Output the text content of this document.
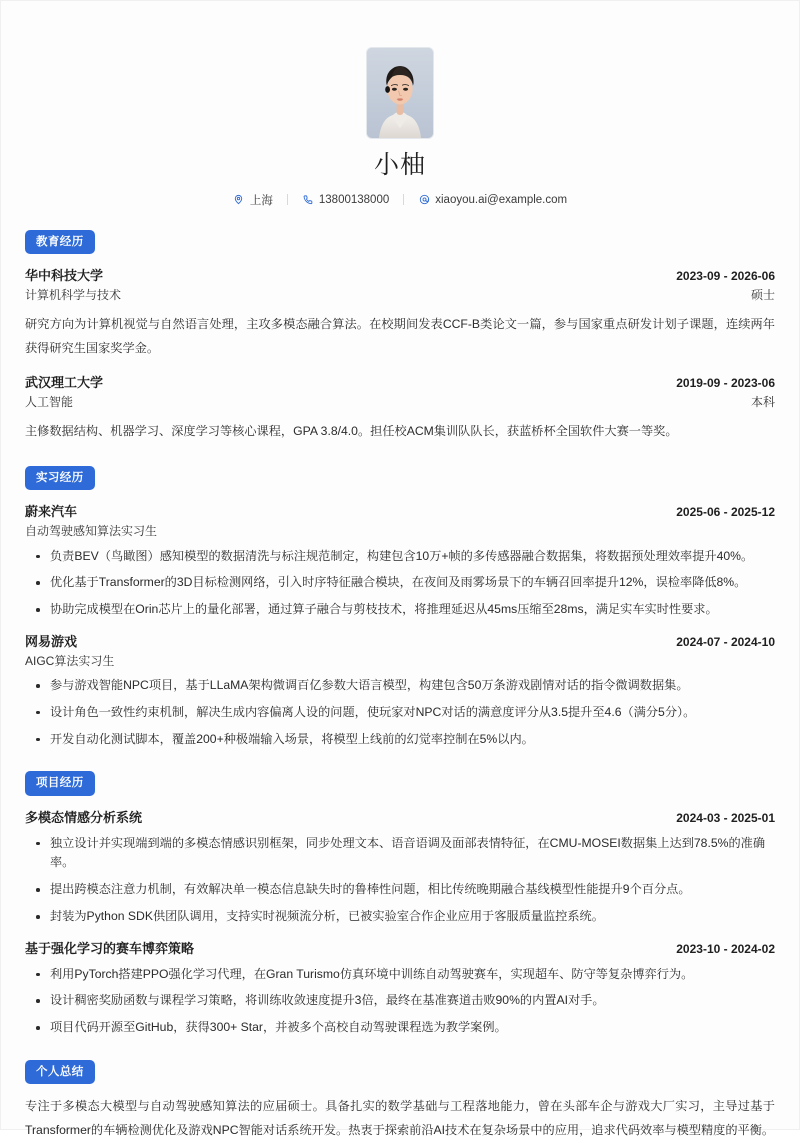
小柚
上海	13800138000	xiaoyou.ai@example.com
教育经历
华中科技大学	2023-09 - 2026-06
计算机科学与技术	硕士
研究方向为计算机视觉与自然语言处理，主攻多模态融合算法。在校期间发表CCF-B类论文一篇，参与国家重点研发计划子课题，连续两年获得研究生国家奖学金。
武汉理工大学	2019-09 - 2023-06
人工智能	本科
主修数据结构、机器学习、深度学习等核心课程，GPA 3.8/4.0。担任校ACM集训队队长，获蓝桥杯全国软件大赛一等奖。
实习经历
蔚来汽车	2025-06 - 2025-12
自动驾驶感知算法实习生
负责BEV（鸟瞰图）感知模型的数据清洗与标注规范制定，构建包含10万+帧的多传感器融合数据集，将数据预处理效率提升40%。
优化基于Transformer的3D目标检测网络，引入时序特征融合模块，在夜间及雨雾场景下的车辆召回率提升12%，误检率降低8%。
协助完成模型在Orin芯片上的量化部署，通过算子融合与剪枝技术，将推理延迟从45ms压缩至28ms，满足实车实时性要求。
网易游戏	2024-07 - 2024-10
AIGC算法实习生
参与游戏智能NPC项目，基于LLaMA架构微调百亿参数大语言模型，构建包含50万条游戏剧情对话的指令微调数据集。
设计角色一致性约束机制，解决生成内容偏离人设的问题，使玩家对NPC对话的满意度评分从3.5提升至4.6（满分5分）。
开发自动化测试脚本，覆盖200+种极端输入场景，将模型上线前的幻觉率控制在5%以内。
项目经历
多模态情感分析系统	2024-03 - 2025-01
独立设计并实现端到端的多模态情感识别框架，同步处理文本、语音语调及面部表情特征，在CMU-MOSEI数据集上达到78.5%的准确率。
提出跨模态注意力机制，有效解决单一模态信息缺失时的鲁棒性问题，相比传统晚期融合基线模型性能提升9个百分点。
封装为Python SDK供团队调用，支持实时视频流分析，已被实验室合作企业应用于客服质量监控系统。
基于强化学习的赛车博弈策略	2023-10 - 2024-02
利用PyTorch搭建PPO强化学习代理，在Gran Turismo仿真环境中训练自动驾驶赛车，实现超车、防守等复杂博弈行为。
设计稠密奖励函数与课程学习策略，将训练收敛速度提升3倍，最终在基准赛道击败90%的内置AI对手。
项目代码开源至GitHub，获得300+ Star，并被多个高校自动驾驶课程选为教学案例。
个人总结
专注于多模态大模型与自动驾驶感知算法的应届硕士。具备扎实的数学基础与工程落地能力，曾在头部车企与游戏大厂实习，主导过基于Transformer的车辆检测优化及游戏NPC智能对话系统开发。热衷于探索前沿AI技术在复杂场景中的应用，追求代码效率与模型精度的平衡。
